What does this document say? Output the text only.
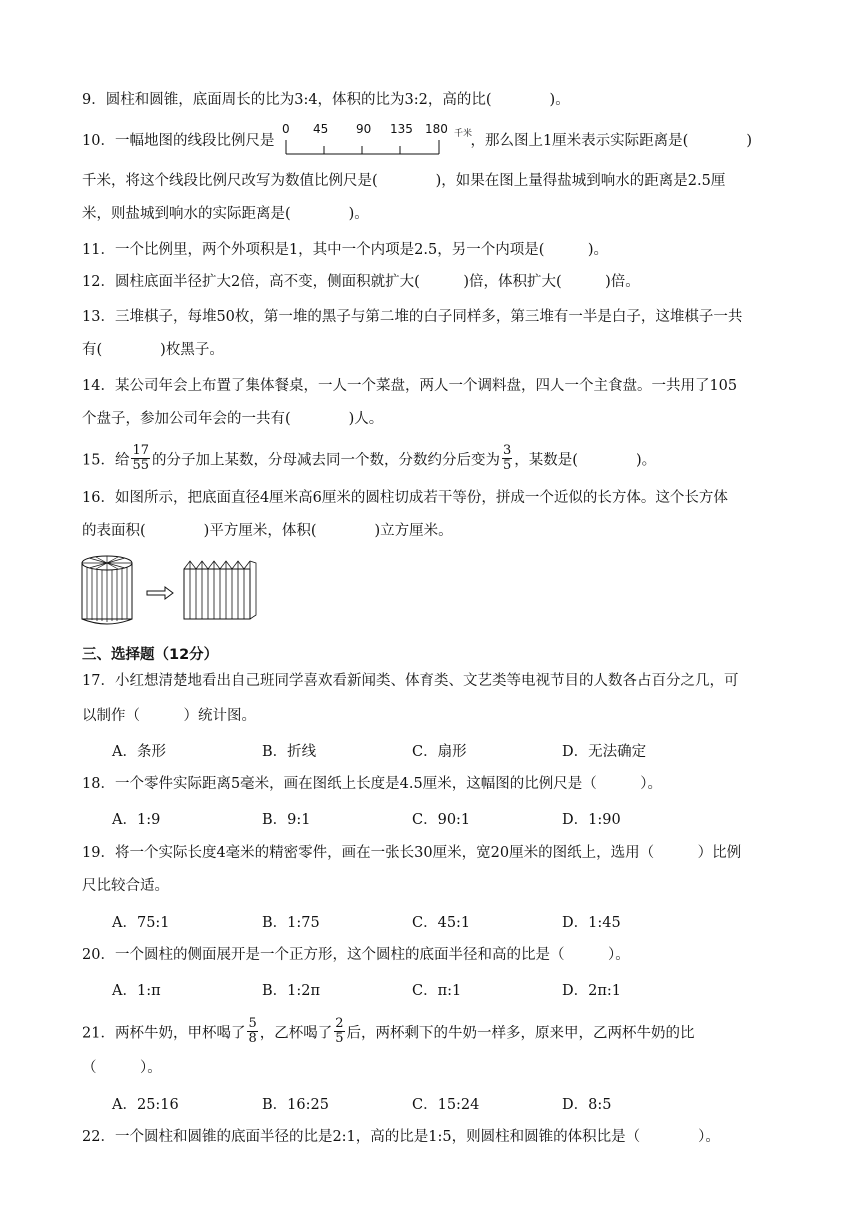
9．圆柱和圆锥，底面周长的比为3:4，体积的比为3:2，高的比(　　　　)。
10．一幅地图的线段比例尺是	，那么图上1厘米表示实际距离是(　　　　)
0 45 90 135 180 千米
千米，将这个线段比例尺改写为数值比例尺是(　　　　)，如果在图上量得盐城到响水的距离是2.5厘
米，则盐城到响水的实际距离是(　　　　)。
11．一个比例里，两个外项积是1，其中一个内项是2.5，另一个内项是(　　　)。
12．圆柱底面半径扩大2倍，高不变，侧面积就扩大(　　　)倍，体积扩大(　　　)倍。
13．三堆棋子，每堆50枚，第一堆的黑子与第二堆的白子同样多，第三堆有一半是白子，这堆棋子一共
有(　　　　)枚黑子。
14．某公司年会上布置了集体餐桌，一人一个菜盘，两人一个调料盘，四人一个主食盘。一共用了105
个盘子，参加公司年会的一共有(　　　　)人。
15．给 $\frac{17}{55}$ 的分子加上某数，分母减去同一个数，分数约分后变为 $\frac{3}{5}$ ，某数是(　　　　)。
16．如图所示，把底面直径4厘米高6厘米的圆柱切成若干等份，拼成一个近似的长方体。这个长方体
的表面积(　　　　)平方厘米，体积(　　　　)立方厘米。
三、选择题（12分）
17．小红想清楚地看出自己班同学喜欢看新闻类、体育类、文艺类等电视节目的人数各占百分之几，可
以制作（　　　）统计图。
A．条形	B．折线	C．扇形	D．无法确定
18．一个零件实际距离5毫米，画在图纸上长度是4.5厘米，这幅图的比例尺是（　　　）。
A．1:9	B．9:1	C．90:1	D．1:90
19．将一个实际长度4毫米的精密零件，画在一张长30厘米，宽20厘米的图纸上，选用（　　　）比例
尺比较合适。
A．75:1	B．1:75	C．45:1	D．1:45
20．一个圆柱的侧面展开是一个正方形，这个圆柱的底面半径和高的比是（　　　）。
A．1:π	B．1:2π	C．π:1	D．2π:1
21．两杯牛奶，甲杯喝了 $\frac{5}{8}$ ，乙杯喝了 $\frac{2}{5}$ 后，两杯剩下的牛奶一样多，原来甲，乙两杯牛奶的比
（　　　）。
A．25:16	B．16:25	C．15:24	D．8:5
22．一个圆柱和圆锥的底面半径的比是2:1，高的比是1:5，则圆柱和圆锥的体积比是（　　　　）。
